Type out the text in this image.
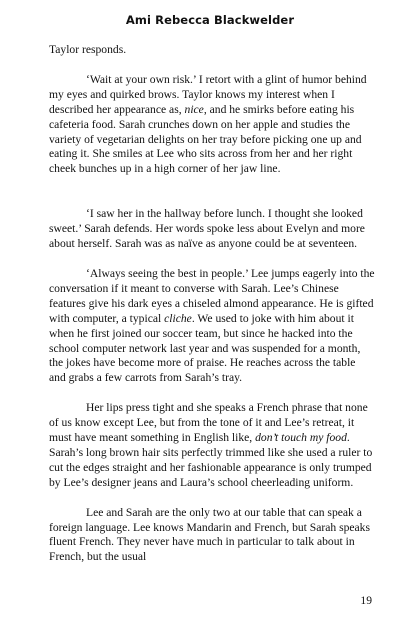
Ami Rebecca Blackwelder

Taylor responds.

‘Wait at your own risk.’ I retort with a glint of humor behind my eyes and quirked brows. Taylor knows my interest when I described her appearance as, nice, and he smirks before eating his cafeteria food. Sarah crunches down on her apple and studies the variety of vegetarian delights on her tray before picking one up and eating it. She smiles at Lee who sits across from her and her right cheek bunches up in a high corner of her jaw line.

‘I saw her in the hallway before lunch. I thought she looked sweet.’ Sarah defends. Her words spoke less about Evelyn and more about herself. Sarah was as naïve as anyone could be at seventeen.

‘Always seeing the best in people.’ Lee jumps eagerly into the conversation if it meant to converse with Sarah. Lee’s Chinese features give his dark eyes a chiseled almond appearance. He is gifted with computer, a typical cliche. We used to joke with him about it when he first joined our soccer team, but since he hacked into the school computer network last year and was suspended for a month, the jokes have become more of praise. He reaches across the table and grabs a few carrots from Sarah’s tray.

Her lips press tight and she speaks a French phrase that none of us know except Lee, but from the tone of it and Lee’s retreat, it must have meant something in English like, don’t touch my food. Sarah’s long brown hair sits perfectly trimmed like she used a ruler to cut the edges straight and her fashionable appearance is only trumped by Lee’s designer jeans and Laura’s school cheerleading uniform.

Lee and Sarah are the only two at our table that can speak a foreign language. Lee knows Mandarin and French, but Sarah speaks fluent French. They never have much in particular to talk about in French, but the usual

19
